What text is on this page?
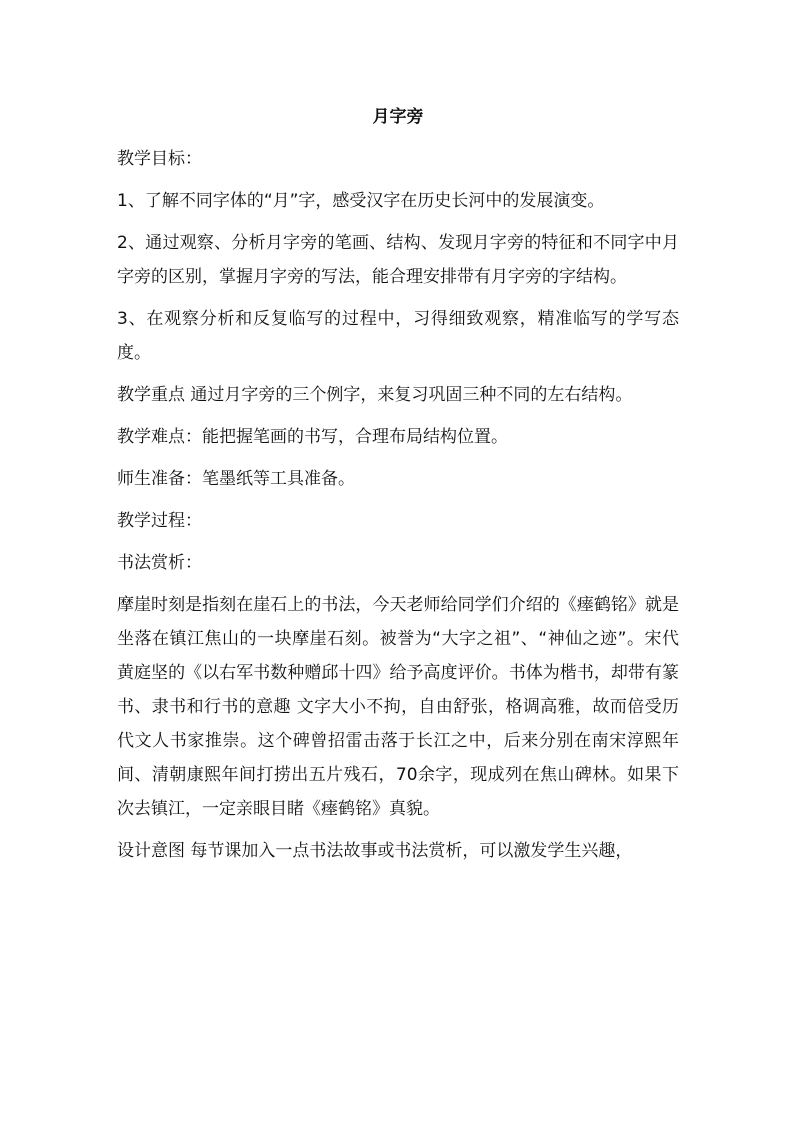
月字旁

教学目标：

1、了解不同字体的“月”字，感受汉字在历史长河中的发展演变。

2、通过观察、分析月字旁的笔画、结构、发现月字旁的特征和不同字中月字旁的区别，掌握月字旁的写法，能合理安排带有月字旁的字结构。

3、在观察分析和反复临写的过程中，习得细致观察，精准临写的学写态度。

教学重点 通过月字旁的三个例字，来复习巩固三种不同的左右结构。

教学难点：能把握笔画的书写，合理布局结构位置。

师生准备：笔墨纸等工具准备。

教学过程：

书法赏析：

摩崖时刻是指刻在崖石上的书法，今天老师给同学们介绍的《瘗鹤铭》就是坐落在镇江焦山的一块摩崖石刻。被誉为“大字之祖”、“神仙之迹”。宋代黄庭坚的《以右军书数种赠邱十四》给予高度评价。书体为楷书，却带有篆书、隶书和行书的意趣 文字大小不拘，自由舒张，格调高雅，故而倍受历代文人书家推崇。这个碑曾招雷击落于长江之中，后来分别在南宋淳熙年间、清朝康熙年间打捞出五片残石，70余字，现成列在焦山碑林。如果下次去镇江，一定亲眼目睹《瘗鹤铭》真貌。

设计意图 每节课加入一点书法故事或书法赏析，可以激发学生兴趣，
